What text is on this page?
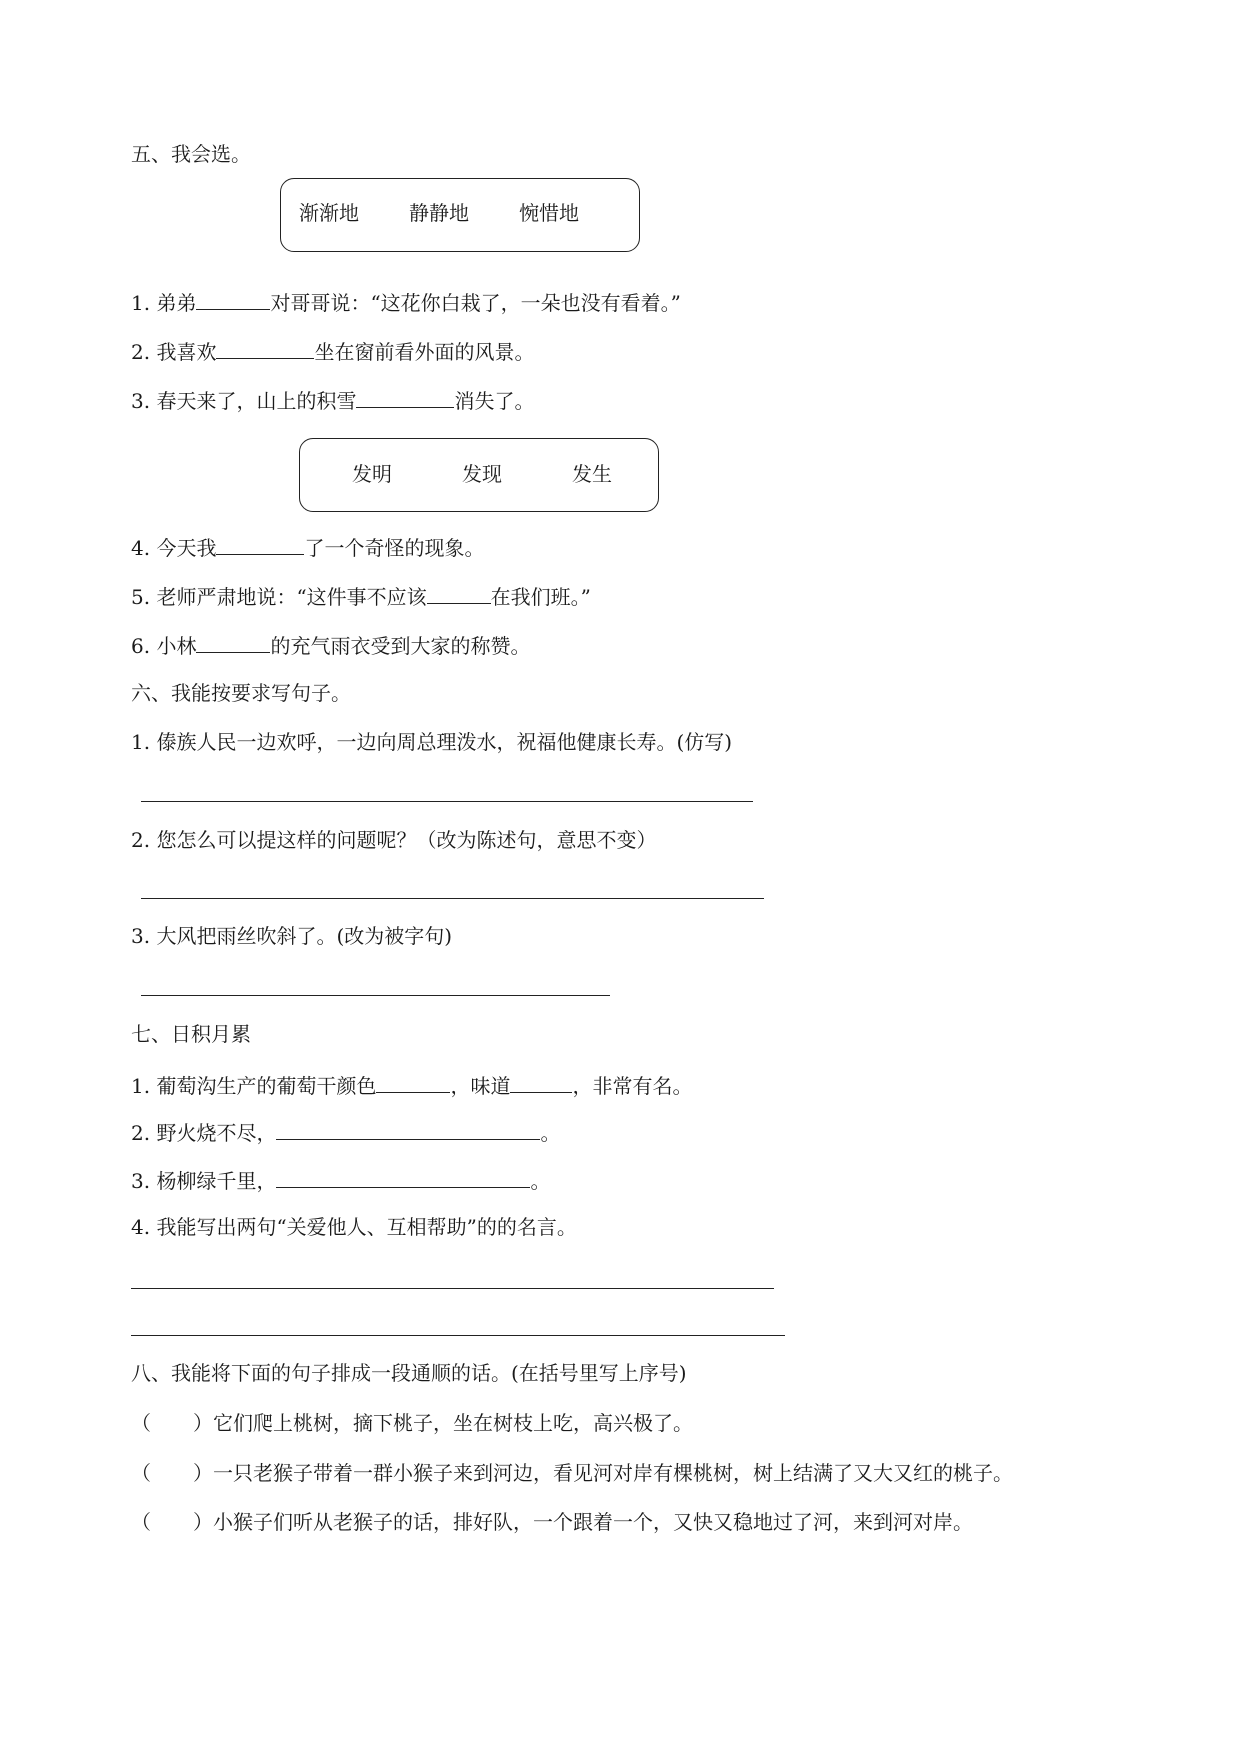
五、我会选。
渐渐地	静静地	惋惜地
1. 弟弟	对哥哥说：“这花你白栽了，一朵也没有看着。”
2. 我喜欢	坐在窗前看外面的风景。
3. 春天来了，山上的积雪	消失了。
发明	发现	发生
4. 今天我	了一个奇怪的现象。
5. 老师严肃地说：“这件事不应该	在我们班。”
6. 小林	的充气雨衣受到大家的称赞。
六、我能按要求写句子。
1. 傣族人民一边欢呼，一边向周总理泼水，祝福他健康长寿。(仿写)
2. 您怎么可以提这样的问题呢？（改为陈述句，意思不变）
3. 大风把雨丝吹斜了。(改为被字句)
七、日积月累
1. 葡萄沟生产的葡萄干颜色	，味道	，非常有名。
2. 野火烧不尽，	。
3. 杨柳绿千里，	。
4. 我能写出两句“关爱他人、互相帮助”的的名言。
八、我能将下面的句子排成一段通顺的话。(在括号里写上序号)
（ ）它们爬上桃树，摘下桃子，坐在树枝上吃，高兴极了。
（ ）一只老猴子带着一群小猴子来到河边，看见河对岸有棵桃树，树上结满了又大又红的桃子。
（ ）小猴子们听从老猴子的话，排好队，一个跟着一个，又快又稳地过了河，来到河对岸。
